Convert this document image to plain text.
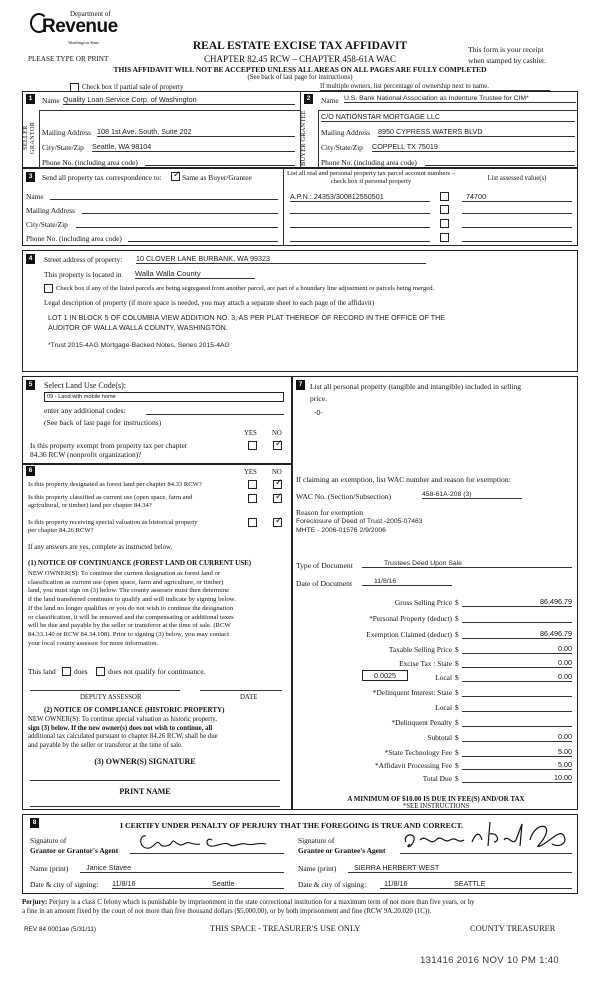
Department of
Revenue
Washington State
PLEASE TYPE OR PRINT
REAL ESTATE EXCISE TAX AFFIDAVIT
CHAPTER 82.45 RCW – CHAPTER 458-61A WAC
This form is your receipt
when stamped by cashier.
THIS AFFIDAVIT WILL NOT BE ACCEPTED UNLESS ALL AREAS ON ALL PAGES ARE FULLY COMPLETED
(See back of last page for instructions)
Check box if partial sale of property	If multiple owners, list percentage of ownership next to name.
1
SELLER GRANTOR
Name Quality Loan Service Corp. of Washington
Mailing Address 108 1st Ave. South, Suite 202
City/State/Zip Seattle, WA 98104
Phone No. (including area code)
2
BUYER GRANTEE
Name U.S. Bank National Association as Indenture Trustee for CIM*
C/O NATIONSTAR MORTGAGE LLC
Mailing Address 8950 CYPRESS WATERS BLVD
City/State/Zip COPPELL TX 75019
Phone No. (including area code)
3	Send all property tax correspondence to:
✓	Same as Buyer/Grantee
Name
Mailing Address
City/State/Zip
Phone No. (including area code)
List all real and personal property tax parcel account numbers – check box if personal property	List assessed value(s)
A.P.N.: 24353/300812550501	74700
4	Street address of property: 10 CLOVER LANE BURBANK, WA 99323
This property is located in Walla Walla County
Check box if any of the listed parcels are being segregated from another parcel, are part of a boundary line adjustment or parcels being merged.
Legal description of property (if more space is needed, you may attach a separate sheet to each page of the affidavit)
LOT 1 IN BLOCK 5 OF COLUMBIA VIEW ADDITION NO. 3, AS PER PLAT THEREOF OF RECORD IN THE OFFICE OF THE
AUDITOR OF WALLA WALLA COUNTY, WASHINGTON.
*Trust 2015-4AG Mortgage-Backed Notes, Series 2015-4AG
5	Select Land Use Code(s):
09 - Land with mobile home
enter any additional codes:
(See back of last page for instructions)
YES NO
Is this property exempt from property tax per chapter
84.36 RCW (nonprofit organization)?
✓
6	YES NO
Is this property designated as forest land per chapter 84.33 RCW?
✓
Is this property classified as current use (open space, farm and
agricultural, or timber) land per chapter 84.34?
✓
Is this property receiving special valuation as historical property
per chapter 84.26 RCW?
✓
If any answers are yes, complete as instructed below.
(1) NOTICE OF CONTINUANCE (FOREST LAND OR CURRENT USE)
NEW OWNER(S): To continue the current designation as forest land or
classification as current use (open space, farm and agriculture, or timber)
land, you must sign on (3) below. The county assessor must then determine
if the land transferred continues to qualify and will indicate by signing below.
If the land no longer qualifies or you do not wish to continue the designation
or classification, it will be removed and the compensating or additional taxes
will be due and payable by the seller or transferor at the time of sale. (RCW
84.33.140 or RCW 84.34.108). Prior to signing (3) below, you may contact
your local county assessor for more information.
This land does	does not qualify for continuance.
DEPUTY ASSESSOR	DATE
(2) NOTICE OF COMPLIANCE (HISTORIC PROPERTY)
NEW OWNER(S): To continue special valuation as historic property,
sign (3) below. If the new owner(s) does not wish to continue, all
additional tax calculated pursuant to chapter 84.26 RCW, shall be due
and payable by the seller or transferor at the time of sale.
(3) OWNER(S) SIGNATURE
PRINT NAME
7	List all personal property (tangible and intangible) included in selling
price.
-0-
If claiming an exemption, list WAC number and reason for exemption:
WAC No. (Section/Subsection)	458-61A-208 (3)
Reason for exemption
Foreclosure of Deed of Trust -2005-07463
MHTE - 2006-01576 2/9/2006
Type of Document	Trustees Deed Upon Sale
Date of Document	11/8/16
Gross Selling Price $	86,496.79
*Personal Property (deduct) $
Exemption Claimed (deduct) $	86,496.79
Taxable Selling Price $	0.00
Excise Tax : State $	0.00
0.0025	Local $	0.00
*Delinquent Interest: State $
Local $
*Delinquent Penalty $
Subtotal $	0.00
*State Technology Fee $	5.00
*Affidavit Processing Fee $	5.00
Total Due $	10.00
A MINIMUM OF $10.00 IS DUE IN FEE(S) AND/OR TAX
*SEE INSTRUCTIONS
8	I CERTIFY UNDER PENALTY OF PERJURY THAT THE FOREGOING IS TRUE AND CORRECT.
Signature of
Grantor or Grantor's Agent
Name (print)	Janice Stavee
Date & city of signing: 11/8/16	Seattle
Signature of
Grantee or Grantee's Agent
Name (print)	SIERRA HERBERT WEST
Date & city of signing:	11/8/16	SEATTLE
Perjury: Perjury is a class C felony which is punishable by imprisonment in the state correctional institution for a maximum term of not more than five years, or by
a fine in an amount fixed by the court of not more than five thousand dollars ($5,000.00), or by both imprisonment and fine (RCW 9A.20.020 (1C)).
REV 84 0001ae (5/31/11)	THIS SPACE - TREASURER'S USE ONLY	COUNTY TREASURER
131416 2016 NOV 10 PM 1:40
